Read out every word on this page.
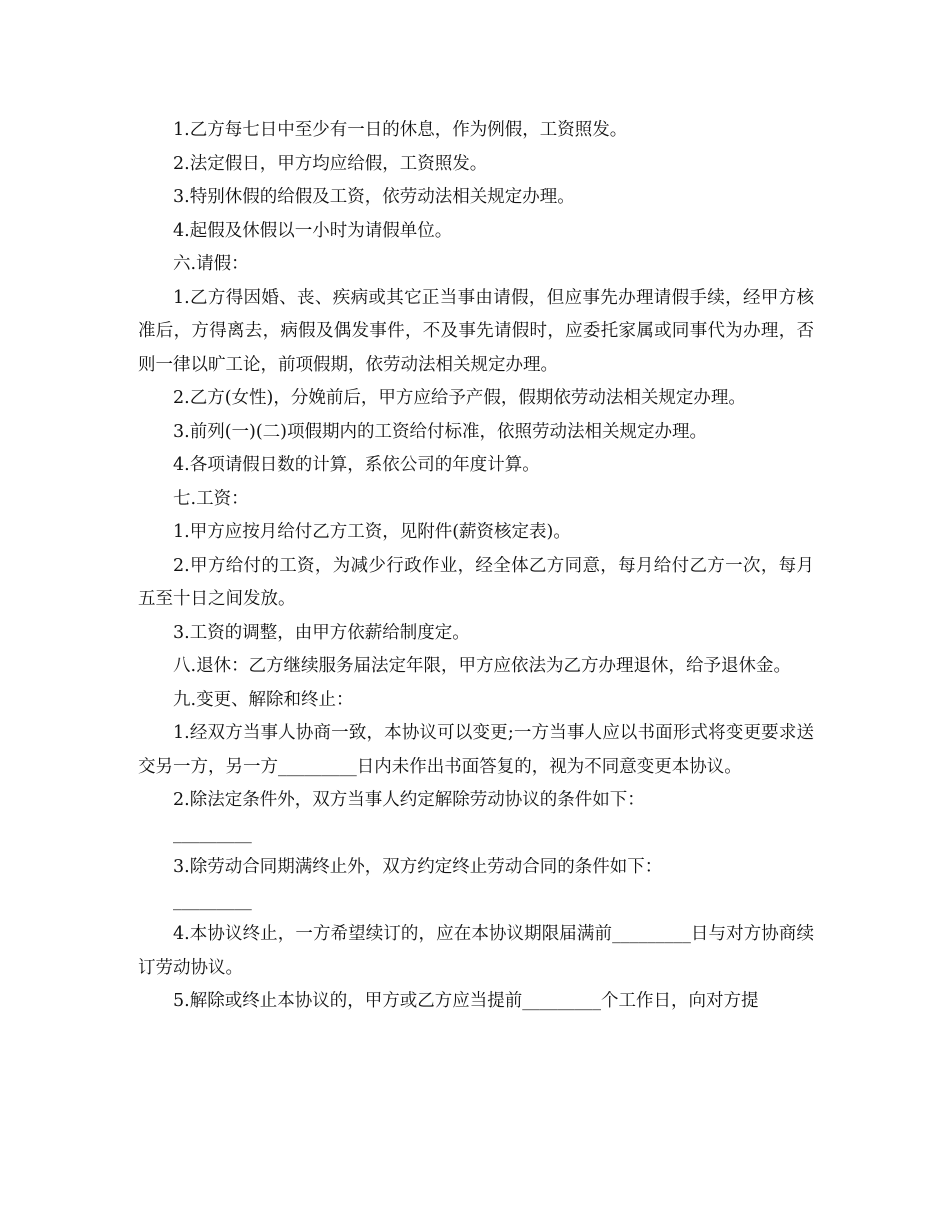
1.乙方每七日中至少有一日的休息，作为例假，工资照发。

2.法定假日，甲方均应给假，工资照发。

3.特别休假的给假及工资，依劳动法相关规定办理。

4.起假及休假以一小时为请假单位。

六.请假：

1.乙方得因婚、丧、疾病或其它正当事由请假，但应事先办理请假手续，经甲方核准后，方得离去，病假及偶发事件，不及事先请假时，应委托家属或同事代为办理，否则一律以旷工论，前项假期，依劳动法相关规定办理。

2.乙方(女性)，分娩前后，甲方应给予产假，假期依劳动法相关规定办理。

3.前列(一)(二)项假期内的工资给付标准，依照劳动法相关规定办理。

4.各项请假日数的计算，系依公司的年度计算。

七.工资：

1.甲方应按月给付乙方工资，见附件(薪资核定表)。

2.甲方给付的工资，为减少行政作业，经全体乙方同意，每月给付乙方一次，每月五至十日之间发放。

3.工资的调整，由甲方依薪给制度定。

八.退休：乙方继续服务届法定年限，甲方应依法为乙方办理退休，给予退休金。

九.变更、解除和终止：

1.经双方当事人协商一致，本协议可以变更;一方当事人应以书面形式将变更要求送交另一方，另一方_________日内未作出书面答复的，视为不同意变更本协议。

2.除法定条件外，双方当事人约定解除劳动协议的条件如下：

_________

3.除劳动合同期满终止外，双方约定终止劳动合同的条件如下：

_________

4.本协议终止，一方希望续订的，应在本协议期限届满前_________日与对方协商续订劳动协议。

5.解除或终止本协议的，甲方或乙方应当提前_________个工作日，向对方提
